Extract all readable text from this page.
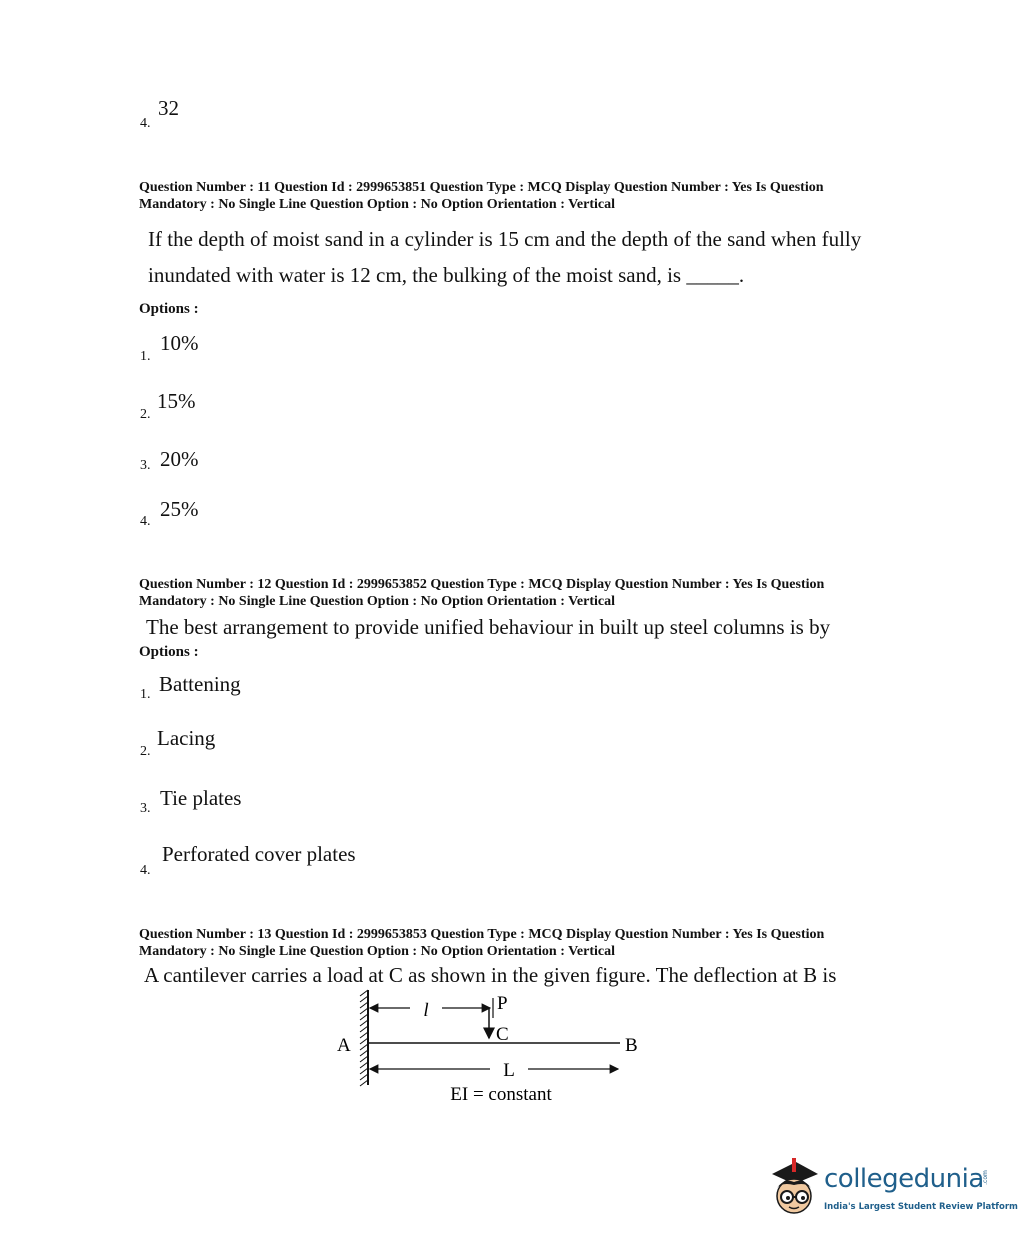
32
4.
Question Number : 11 Question Id : 2999653851 Question Type : MCQ Display Question Number : Yes Is Question
Mandatory : No Single Line Question Option : No Option Orientation : Vertical
If the depth of moist sand in a cylinder is 15 cm and the depth of the sand when fully
inundated with water is 12 cm, the bulking of the moist sand, is _____.
Options :
10%
1.
15%
2.
3. 20%
25%
4.
Question Number : 12 Question Id : 2999653852 Question Type : MCQ Display Question Number : Yes Is Question
Mandatory : No Single Line Question Option : No Option Orientation : Vertical
The best arrangement to provide unified behaviour in built up steel columns is by
Options :
Battening
1.
Lacing
2.
Tie plates
3.
Perforated cover plates
4.
Question Number : 13 Question Id : 2999653853 Question Type : MCQ Display Question Number : Yes Is Question
Mandatory : No Single Line Question Option : No Option Orientation : Vertical
A cantilever carries a load at C as shown in the given figure. The deflection at B is
l	P
C
A	B
L
EI = constant
collegedunia
.com
India's Largest Student Review Platform
